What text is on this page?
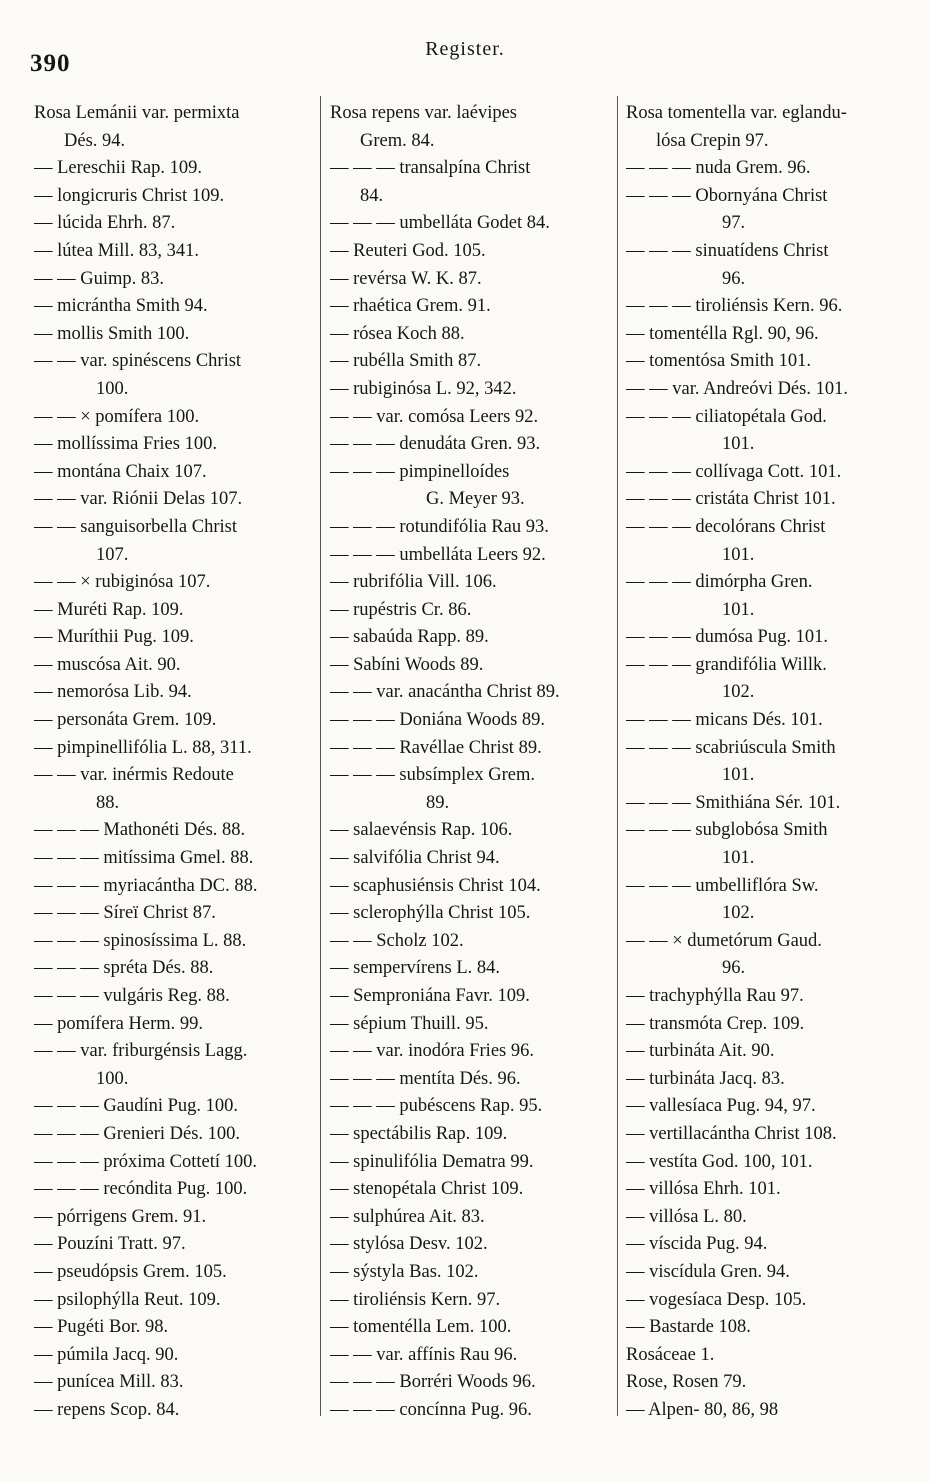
390
Register.
Rosa Lemánii var. permixta
Dés. 94.
— Lereschii Rap. 109.
— longicruris Christ 109.
— lúcida Ehrh. 87.
— lútea Mill. 83, 341.
— — Guimp. 83.
— micrántha Smith 94.
— mollis Smith 100.
— — var. spinéscens Christ
100.
— — × pomífera 100.
— mollíssima Fries 100.
— montána Chaix 107.
— — var. Riónii Delas 107.
— — sanguisorbella Christ
107.
— — × rubiginósa 107.
— Muréti Rap. 109.
— Muríthii Pug. 109.
— muscósa Ait. 90.
— nemorósa Lib. 94.
— personáta Grem. 109.
— pimpinellifólia L. 88, 311.
— — var. inérmis Redoute
88.
— — — Mathonéti Dés. 88.
— — — mitíssima Gmel. 88.
— — — myriacántha DC. 88.
— — — Síreï Christ 87.
— — — spinosíssima L. 88.
— — — spréta Dés. 88.
— — — vulgáris Reg. 88.
— pomífera Herm. 99.
— — var. friburgénsis Lagg.
100.
— — — Gaudíni Pug. 100.
— — — Grenieri Dés. 100.
— — — próxima Cottetí 100.
— — — recóndita Pug. 100.
— pórrigens Grem. 91.
— Pouzíni Tratt. 97.
— pseudópsis Grem. 105.
— psilophýlla Reut. 109.
— Pugéti Bor. 98.
— púmila Jacq. 90.
— punícea Mill. 83.
— repens Scop. 84.
Rosa repens var. laévipes
Grem. 84.
— — — transalpína Christ
84.
— — — umbelláta Godet 84.
— Reuteri God. 105.
— revérsa W. K. 87.
— rhaética Grem. 91.
— rósea Koch 88.
— rubélla Smith 87.
— rubiginósa L. 92, 342.
— — var. comósa Leers 92.
— — — denudáta Gren. 93.
— — — pimpinelloídes
G. Meyer 93.
— — — rotundifólia Rau 93.
— — — umbelláta Leers 92.
— rubrifólia Vill. 106.
— rupéstris Cr. 86.
— sabaúda Rapp. 89.
— Sabíni Woods 89.
— — var. anacántha Christ 89.
— — — Doniána Woods 89.
— — — Ravéllae Christ 89.
— — — subsímplex Grem.
89.
— salaevénsis Rap. 106.
— salvifólia Christ 94.
— scaphusiénsis Christ 104.
— sclerophýlla Christ 105.
— — Scholz 102.
— sempervírens L. 84.
— Semproniána Favr. 109.
— sépium Thuill. 95.
— — var. inodóra Fries 96.
— — — mentíta Dés. 96.
— — — pubéscens Rap. 95.
— spectábilis Rap. 109.
— spinulifólia Dematra 99.
— stenopétala Christ 109.
— sulphúrea Ait. 83.
— stylósa Desv. 102.
— sýstyla Bas. 102.
— tiroliénsis Kern. 97.
— tomentélla Lem. 100.
— — var. affínis Rau 96.
— — — Borréri Woods 96.
— — — concínna Pug. 96.
Rosa tomentella var. eglandu-
lósa Crepin 97.
— — — nuda Grem. 96.
— — — Obornyána Christ
97.
— — — sinuatídens Christ
96.
— — — tiroliénsis Kern. 96.
— tomentélla Rgl. 90, 96.
— tomentósa Smith 101.
— — var. Andreóvi Dés. 101.
— — — ciliatopétala God.
101.
— — — collívaga Cott. 101.
— — — cristáta Christ 101.
— — — decolórans Christ
101.
— — — dimórpha Gren.
101.
— — — dumósa Pug. 101.
— — — grandifólia Willk.
102.
— — — micans Dés. 101.
— — — scabriúscula Smith
101.
— — — Smithiána Sér. 101.
— — — subglobósa Smith
101.
— — — umbelliflóra Sw.
102.
— — × dumetórum Gaud.
96.
— trachyphýlla Rau 97.
— transmóta Crep. 109.
— turbináta Ait. 90.
— turbináta Jacq. 83.
— vallesíaca Pug. 94, 97.
— vertillacántha Christ 108.
— vestíta God. 100, 101.
— villósa Ehrh. 101.
— villósa L. 80.
— víscida Pug. 94.
— viscídula Gren. 94.
— vogesíaca Desp. 105.
— Bastarde 108.
Rosáceae 1.
Rose, Rosen 79.
— Alpen- 80, 86, 98
